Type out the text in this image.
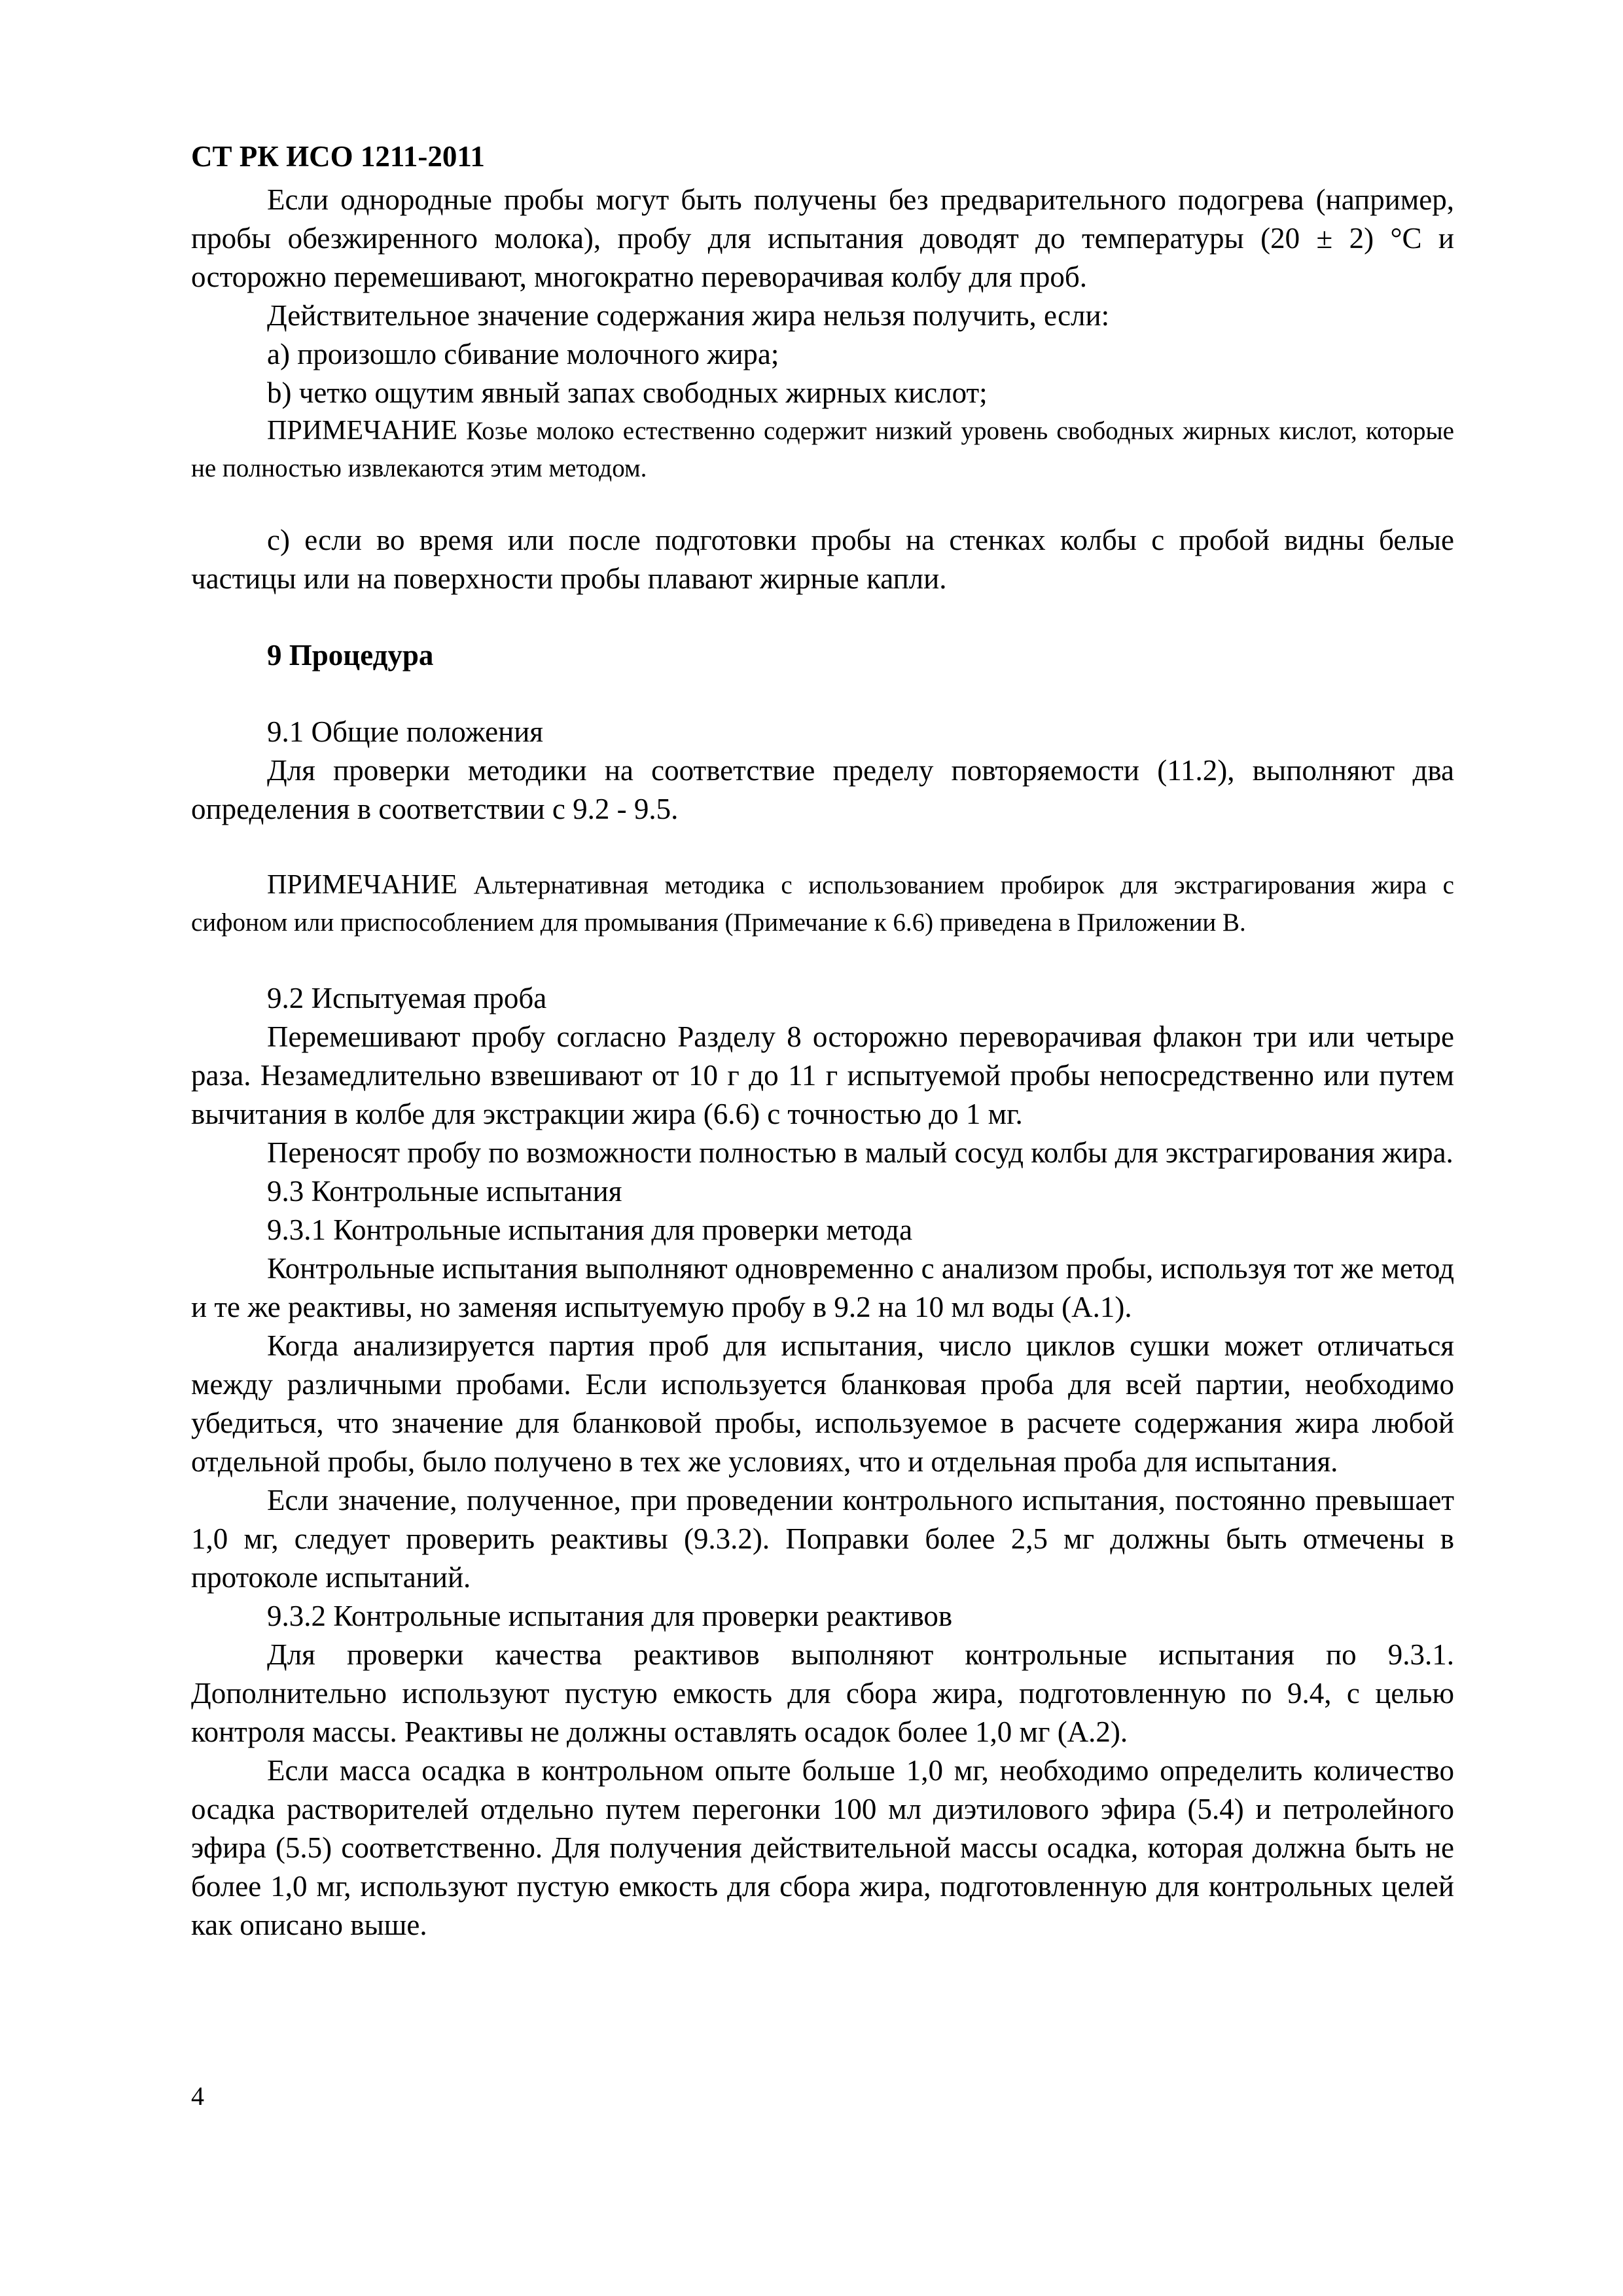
СТ РК ИСО 1211-2011

Если однородные пробы могут быть получены без предварительного подогрева (например, пробы обезжиренного молока), пробу для испытания доводят до температуры (20 ± 2) °С и осторожно перемешивают, многократно переворачивая колбу для проб.

Действительное значение содержания жира нельзя получить, если:

а) произошло сбивание молочного жира;

b) четко ощутим явный запах свободных жирных кислот;

ПРИМЕЧАНИЕ Козье молоко естественно содержит низкий уровень свободных жирных кислот, которые не полностью извлекаются этим методом.

с) если во время или после подготовки пробы на стенках колбы с пробой видны белые частицы или на поверхности пробы плавают жирные капли.

9 Процедура

9.1 Общие положения

Для проверки методики на соответствие пределу повторяемости (11.2), выполняют два определения в соответствии с 9.2 - 9.5.

ПРИМЕЧАНИЕ Альтернативная методика с использованием пробирок для экстрагирования жира с сифоном или приспособлением для промывания (Примечание к 6.6) приведена в Приложении В.

9.2 Испытуемая проба

Перемешивают пробу согласно Разделу 8 осторожно переворачивая флакон три или четыре раза. Незамедлительно взвешивают от 10 г до 11 г испытуемой пробы непосредственно или путем вычитания в колбе для экстракции жира (6.6) с точностью до 1 мг.

Переносят пробу по возможности полностью в малый сосуд колбы для экстрагирования жира.

9.3 Контрольные испытания

9.3.1 Контрольные испытания для проверки метода

Контрольные испытания выполняют одновременно с анализом пробы, используя тот же метод и те же реактивы, но заменяя испытуемую пробу в 9.2 на 10 мл воды (А.1).

Когда анализируется партия проб для испытания, число циклов сушки может отличаться между различными пробами. Если используется бланковая проба для всей партии, необходимо убедиться, что значение для бланковой пробы, используемое в расчете содержания жира любой отдельной пробы, было получено в тех же условиях, что и отдельная проба для испытания.

Если значение, полученное, при проведении контрольного испытания, постоянно превышает 1,0 мг, следует проверить реактивы (9.3.2). Поправки более 2,5 мг должны быть отмечены в протоколе испытаний.

9.3.2 Контрольные испытания для проверки реактивов

Для проверки качества реактивов выполняют контрольные испытания по 9.3.1. Дополнительно используют пустую емкость для сбора жира, подготовленную по 9.4, с целью контроля массы. Реактивы не должны оставлять осадок более 1,0 мг (А.2).

Если масса осадка в контрольном опыте больше 1,0 мг, необходимо определить количество осадка растворителей отдельно путем перегонки 100 мл диэтилового эфира (5.4) и петролейного эфира (5.5) соответственно. Для получения действительной массы осадка, которая должна быть не более 1,0 мг, используют пустую емкость для сбора жира, подготовленную для контрольных целей как описано выше.

4
